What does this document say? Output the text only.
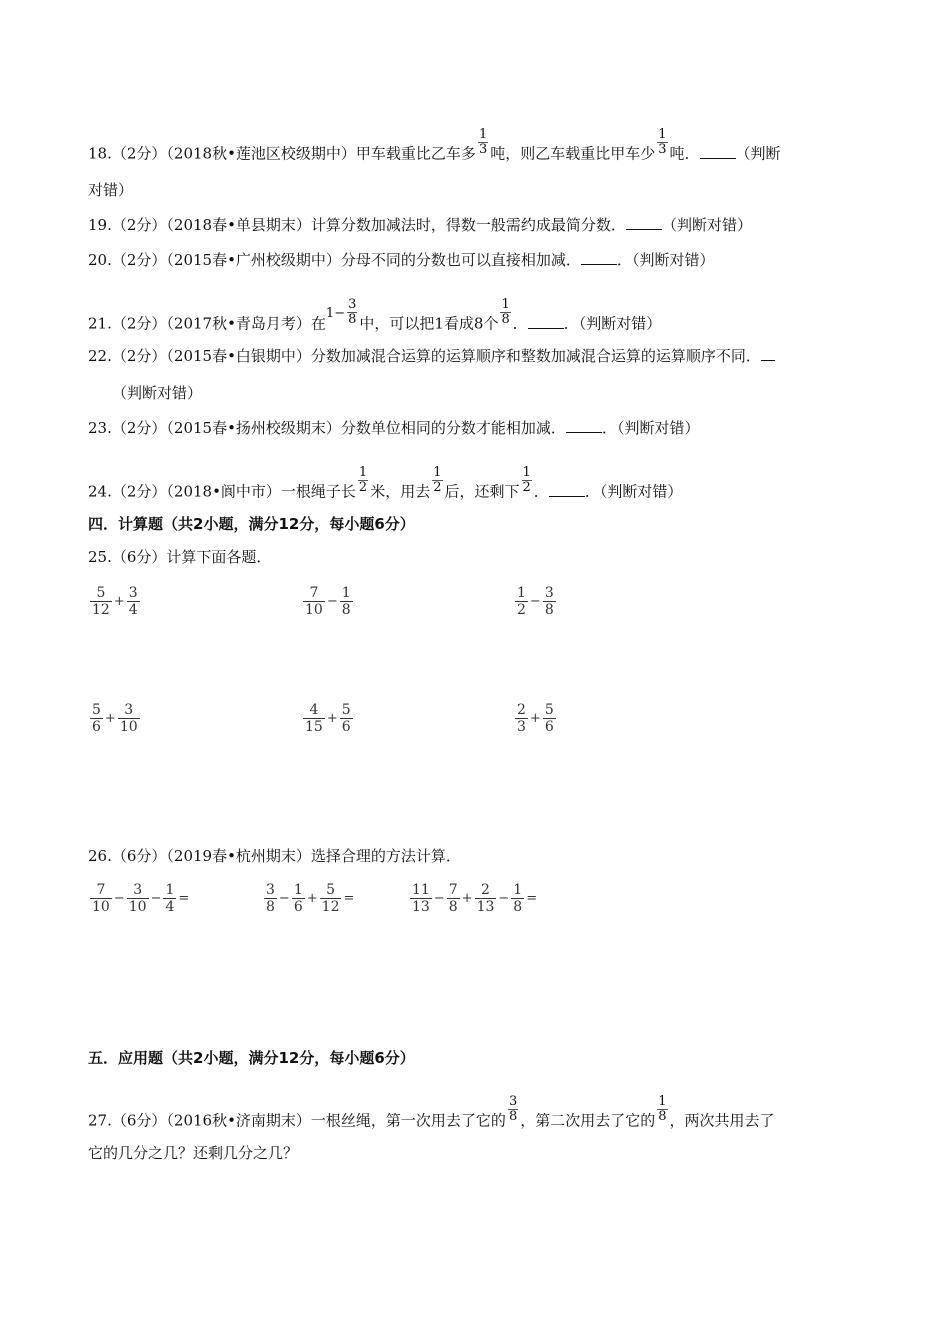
18.（2分）（2018秋•莲池区校级期中）甲车载重比乙车多 $\frac{1}{3}$ 吨，则乙车载重比甲车少 $\frac{1}{3}$ 吨． （判断
对错）
19.（2分）（2018春•单县期末）计算分数加减法时，得数一般需约成最简分数． （判断对错）
20.（2分）（2015春•广州校级期中）分母不同的分数也可以直接相加减． ．（判断对错）
21.（2分）（2017秋•青岛月考）在$1- \frac{3}{8}$ 中，可以把1看成8个 $\frac{1}{8}$ ． ．（判断对错）
22.（2分）（2015春•白银期中）分数加减混合运算的运算顺序和整数加减混合运算的运算顺序不同．
（判断对错）
23.（2分）（2015春•扬州校级期末）分数单位相同的分数才能相加减． ．（判断对错）
24.（2分）（2018•阆中市）一根绳子长 $\frac{1}{2}$ 米，用去 $\frac{1}{2}$ 后，还剩下 $\frac{1}{2}$ ． ．（判断对错）
四．计算题（共2小题，满分12分，每小题6分）
25.（6分）计算下面各题．
$\frac{5}{12} + \frac{3}{4}$	$\frac{7}{10} - \frac{1}{8}$	$\frac{1}{2} - \frac{3}{8}$
$\frac{5}{6} + \frac{3}{10}$	$\frac{4}{15} + \frac{5}{6}$	$\frac{2}{3} + \frac{5}{6}$
26.（6分）（2019春•杭州期末）选择合理的方法计算．
$\frac{7}{10} - \frac{3}{10} - \frac{1}{4}$ =	$\frac{3}{8} - \frac{1}{6} + \frac{5}{12}$ =	$\frac{11}{13} - \frac{7}{8} + \frac{2}{13} - \frac{1}{8}$ =
五．应用题（共2小题，满分12分，每小题6分）
27.（6分）（2016秋•济南期末）一根丝绳，第一次用去了它的 $\frac{3}{8}$ ，第二次用去了它的 $\frac{1}{8}$ ，两次共用去了
它的几分之几？还剩几分之几？
